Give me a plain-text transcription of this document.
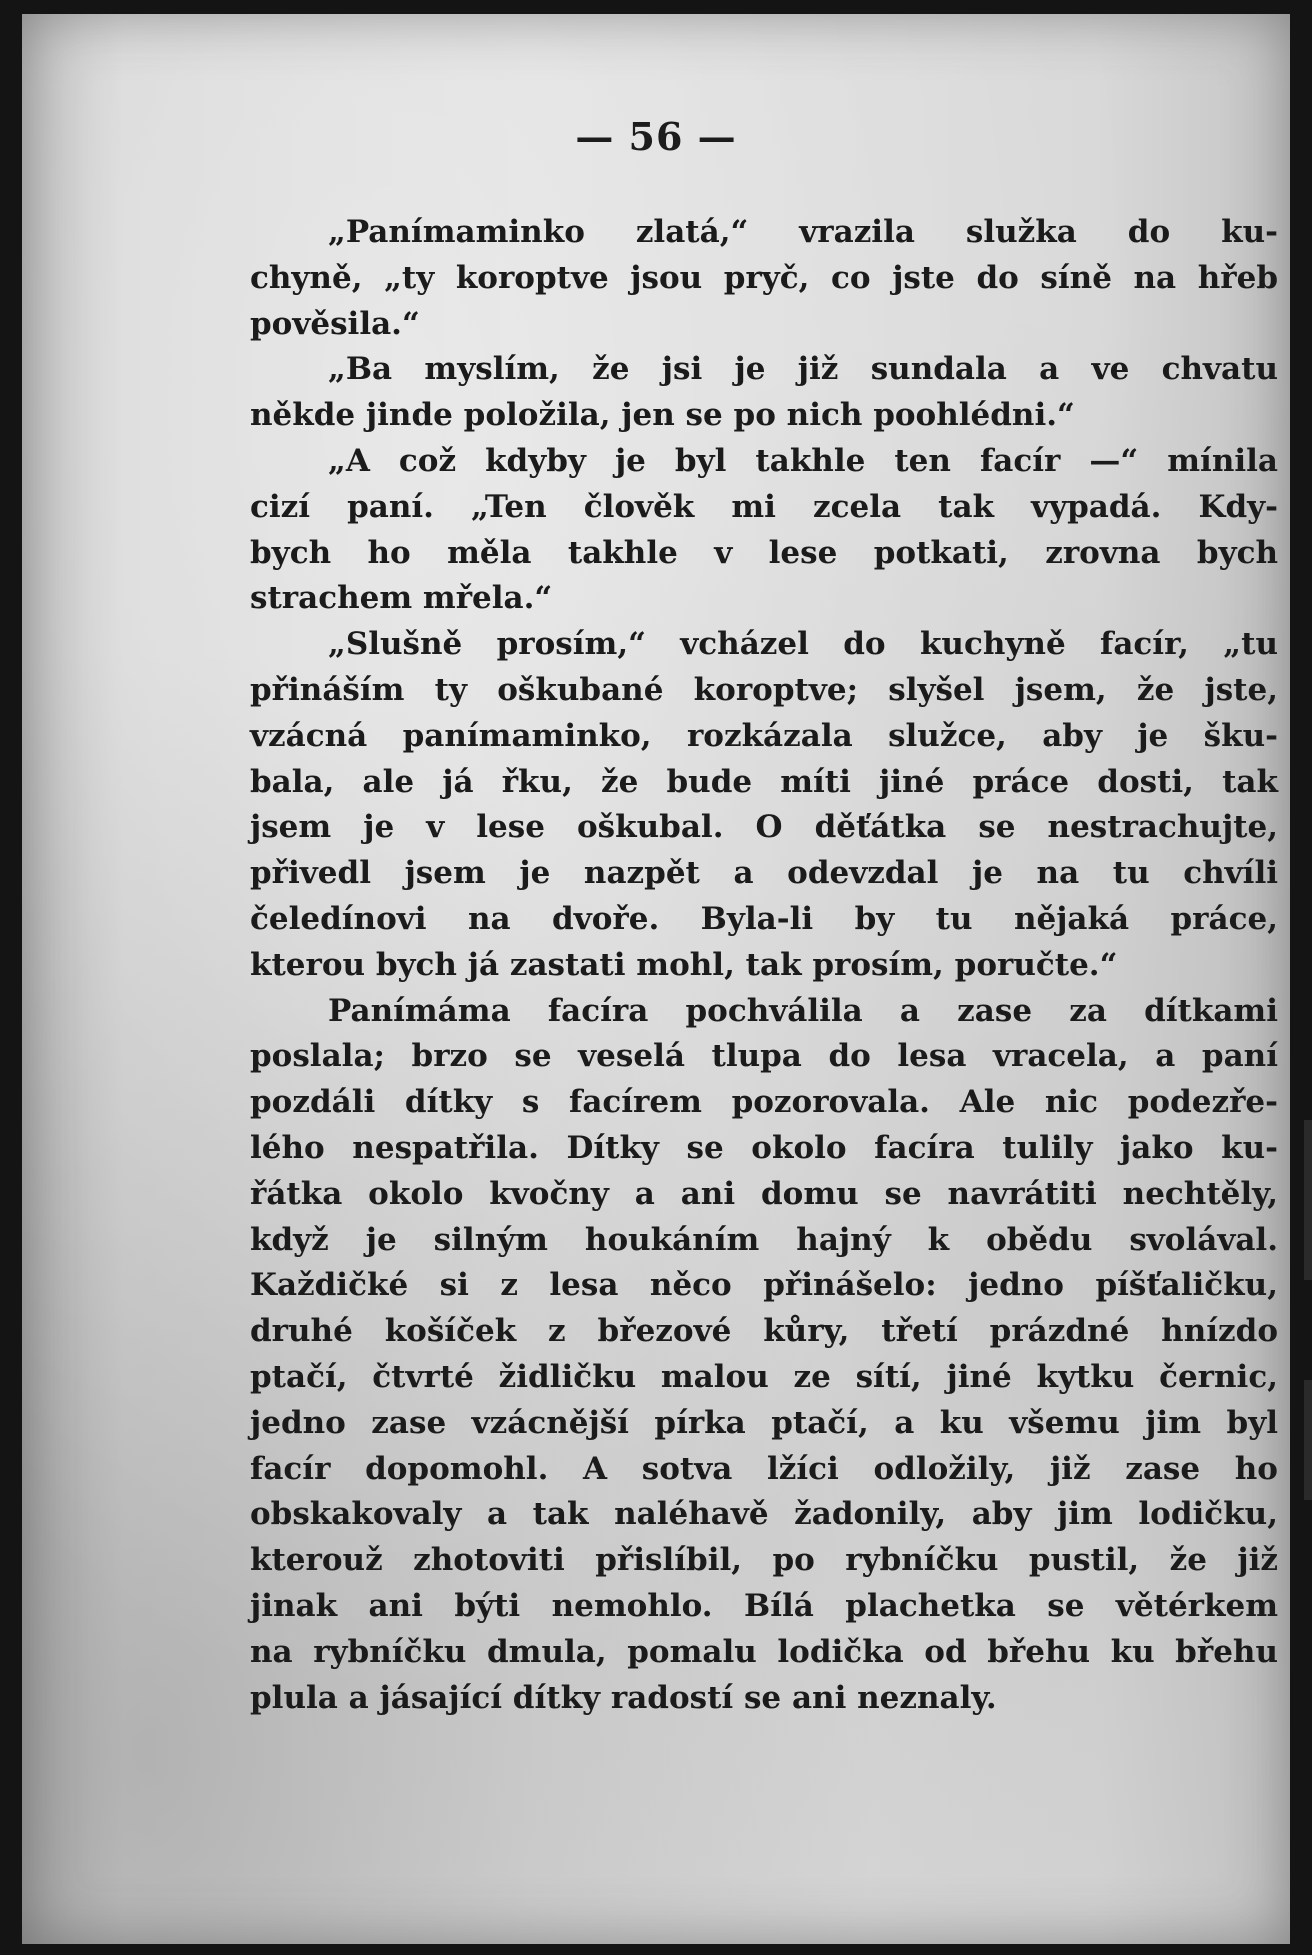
— 56 —
„Panímaminko zlatá,“ vrazila služka do ku-
chyně, „ty koroptve jsou pryč, co jste do síně na hřeb
pověsila.“
„Ba myslím, že jsi je již sundala a ve chvatu
někde jinde položila, jen se po nich poohlédni.“
„A což kdyby je byl takhle ten facír —“ mínila
cizí paní. „Ten člověk mi zcela tak vypadá. Kdy-
bych ho měla takhle v lese potkati, zrovna bych
strachem mřela.“
„Slušně prosím,“ vcházel do kuchyně facír, „tu
přináším ty oškubané koroptve; slyšel jsem, že jste,
vzácná panímaminko, rozkázala služce, aby je šku-
bala, ale já řku, že bude míti jiné práce dosti, tak
jsem je v lese oškubal. O děťátka se nestrachujte,
přivedl jsem je nazpět a odevzdal je na tu chvíli
čeledínovi na dvoře. Byla-li by tu nějaká práce,
kterou bych já zastati mohl, tak prosím, poručte.“
Panímáma facíra pochválila a zase za dítkami
poslala; brzo se veselá tlupa do lesa vracela, a paní
pozdáli dítky s facírem pozorovala. Ale nic podezře-
lého nespatřila. Dítky se okolo facíra tulily jako ku-
řátka okolo kvočny a ani domu se navrátiti nechtěly,
když je silným houkáním hajný k obědu svolával.
Každičké si z lesa něco přinášelo: jedno píšťaličku,
druhé košíček z březové kůry, třetí prázdné hnízdo
ptačí, čtvrté židličku malou ze sítí, jiné kytku černic,
jedno zase vzácnější pírka ptačí, a ku všemu jim byl
facír dopomohl. A sotva lžíci odložily, již zase ho
obskakovaly a tak naléhavě žadonily, aby jim lodičku,
kterouž zhotoviti přislíbil, po rybníčku pustil, že již
jinak ani býti nemohlo. Bílá plachetka se větérkem
na rybníčku dmula, pomalu lodička od břehu ku břehu
plula a jásající dítky radostí se ani neznaly.
